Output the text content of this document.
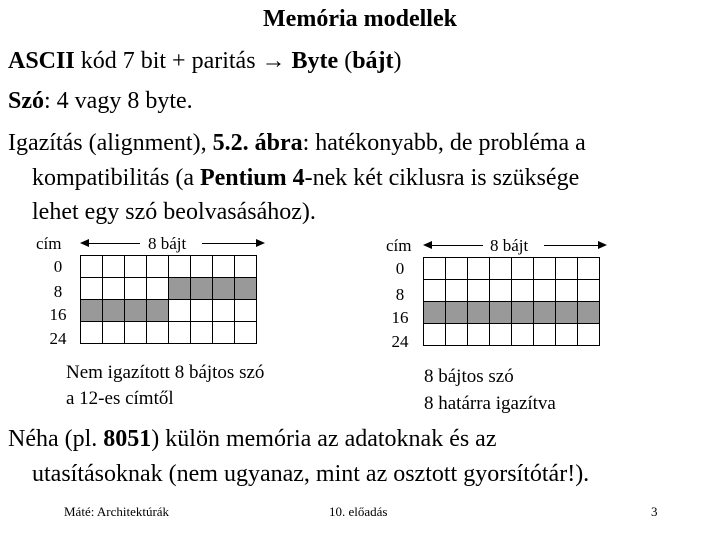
Memória modellek
ASCII kód 7 bit + paritás → Byte (bájt)
Szó: 4 vagy 8 byte.
Igazítás (alignment), 5.2. ábra: hatékonyabb, de probléma a
kompatibilitás (a Pentium 4-nek két ciklusra is szüksége
lehet egy szó beolvasásához).
cím	8 bájt
0
8
16
24

Nem igazított 8 bájtos szó
a 12-es címtől
cím	8 bájt
0
8
16
24

8 bájtos szó
8 határra igazítva
Néha (pl. 8051) külön memória az adatoknak és az
utasításoknak (nem ugyanaz, mint az osztott gyorsítótár!).
Máté: Architektúrák	10. előadás	3
